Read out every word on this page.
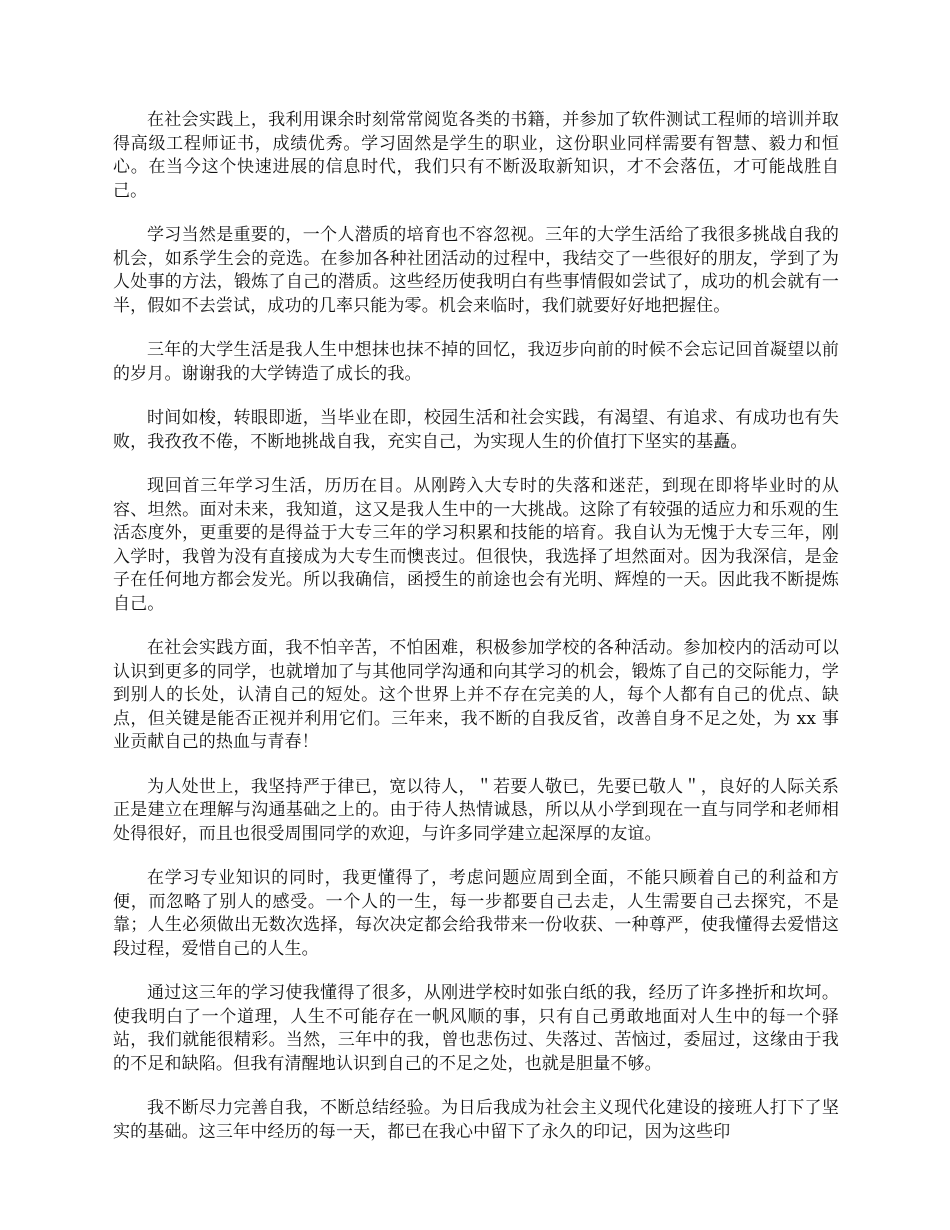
在社会实践上，我利用课余时刻常常阅览各类的书籍，并参加了软件测试工程师的培训并取得高级工程师证书，成绩优秀。学习固然是学生的职业，这份职业同样需要有智慧、毅力和恒心。在当今这个快速进展的信息时代，我们只有不断汲取新知识，才不会落伍，才可能战胜自己。

学习当然是重要的，一个人潜质的培育也不容忽视。三年的大学生活给了我很多挑战自我的机会，如系学生会的竞选。在参加各种社团活动的过程中，我结交了一些很好的朋友，学到了为人处事的方法，锻炼了自己的潜质。这些经历使我明白有些事情假如尝试了，成功的机会就有一半，假如不去尝试，成功的几率只能为零。机会来临时，我们就要好好地把握住。

三年的大学生活是我人生中想抹也抹不掉的回忆，我迈步向前的时候不会忘记回首凝望以前的岁月。谢谢我的大学铸造了成长的我。

时间如梭，转眼即逝，当毕业在即，校园生活和社会实践，有渴望、有追求、有成功也有失败，我孜孜不倦，不断地挑战自我，充实自己，为实现人生的价值打下坚实的基矗。

现回首三年学习生活，历历在目。从刚跨入大专时的失落和迷茫，到现在即将毕业时的从容、坦然。面对未来，我知道，这又是我人生中的一大挑战。这除了有较强的适应力和乐观的生活态度外，更重要的是得益于大专三年的学习积累和技能的培育。我自认为无愧于大专三年，刚入学时，我曾为没有直接成为大专生而懊丧过。但很快，我选择了坦然面对。因为我深信，是金子在任何地方都会发光。所以我确信，函授生的前途也会有光明、辉煌的一天。因此我不断提炼自己。

在社会实践方面，我不怕辛苦，不怕困难，积极参加学校的各种活动。参加校内的活动可以认识到更多的同学，也就增加了与其他同学沟通和向其学习的机会，锻炼了自己的交际能力，学到别人的长处，认清自己的短处。这个世界上并不存在完美的人，每个人都有自己的优点、缺点，但关键是能否正视并利用它们。三年来，我不断的自我反省，改善自身不足之处，为 xx 事业贡献自己的热血与青春！

为人处世上，我坚持严于律已，宽以待人，＂若要人敬已，先要已敬人＂，良好的人际关系正是建立在理解与沟通基础之上的。由于待人热情诚恳，所以从小学到现在一直与同学和老师相处得很好，而且也很受周围同学的欢迎，与许多同学建立起深厚的友谊。

在学习专业知识的同时，我更懂得了，考虑问题应周到全面，不能只顾着自己的利益和方便，而忽略了别人的感受。一个人的一生，每一步都要自己去走，人生需要自己去探究，不是靠；人生必须做出无数次选择，每次决定都会给我带来一份收获、一种尊严，使我懂得去爱惜这段过程，爱惜自己的人生。

通过这三年的学习使我懂得了很多，从刚进学校时如张白纸的我，经历了许多挫折和坎坷。使我明白了一个道理，人生不可能存在一帆风顺的事，只有自己勇敢地面对人生中的每一个驿站，我们就能很精彩。当然，三年中的我，曾也悲伤过、失落过、苦恼过，委屈过，这缘由于我的不足和缺陷。但我有清醒地认识到自己的不足之处，也就是胆量不够。

我不断尽力完善自我，不断总结经验。为日后我成为社会主义现代化建设的接班人打下了坚实的基础。这三年中经历的每一天，都已在我心中留下了永久的印记，因为这些印
